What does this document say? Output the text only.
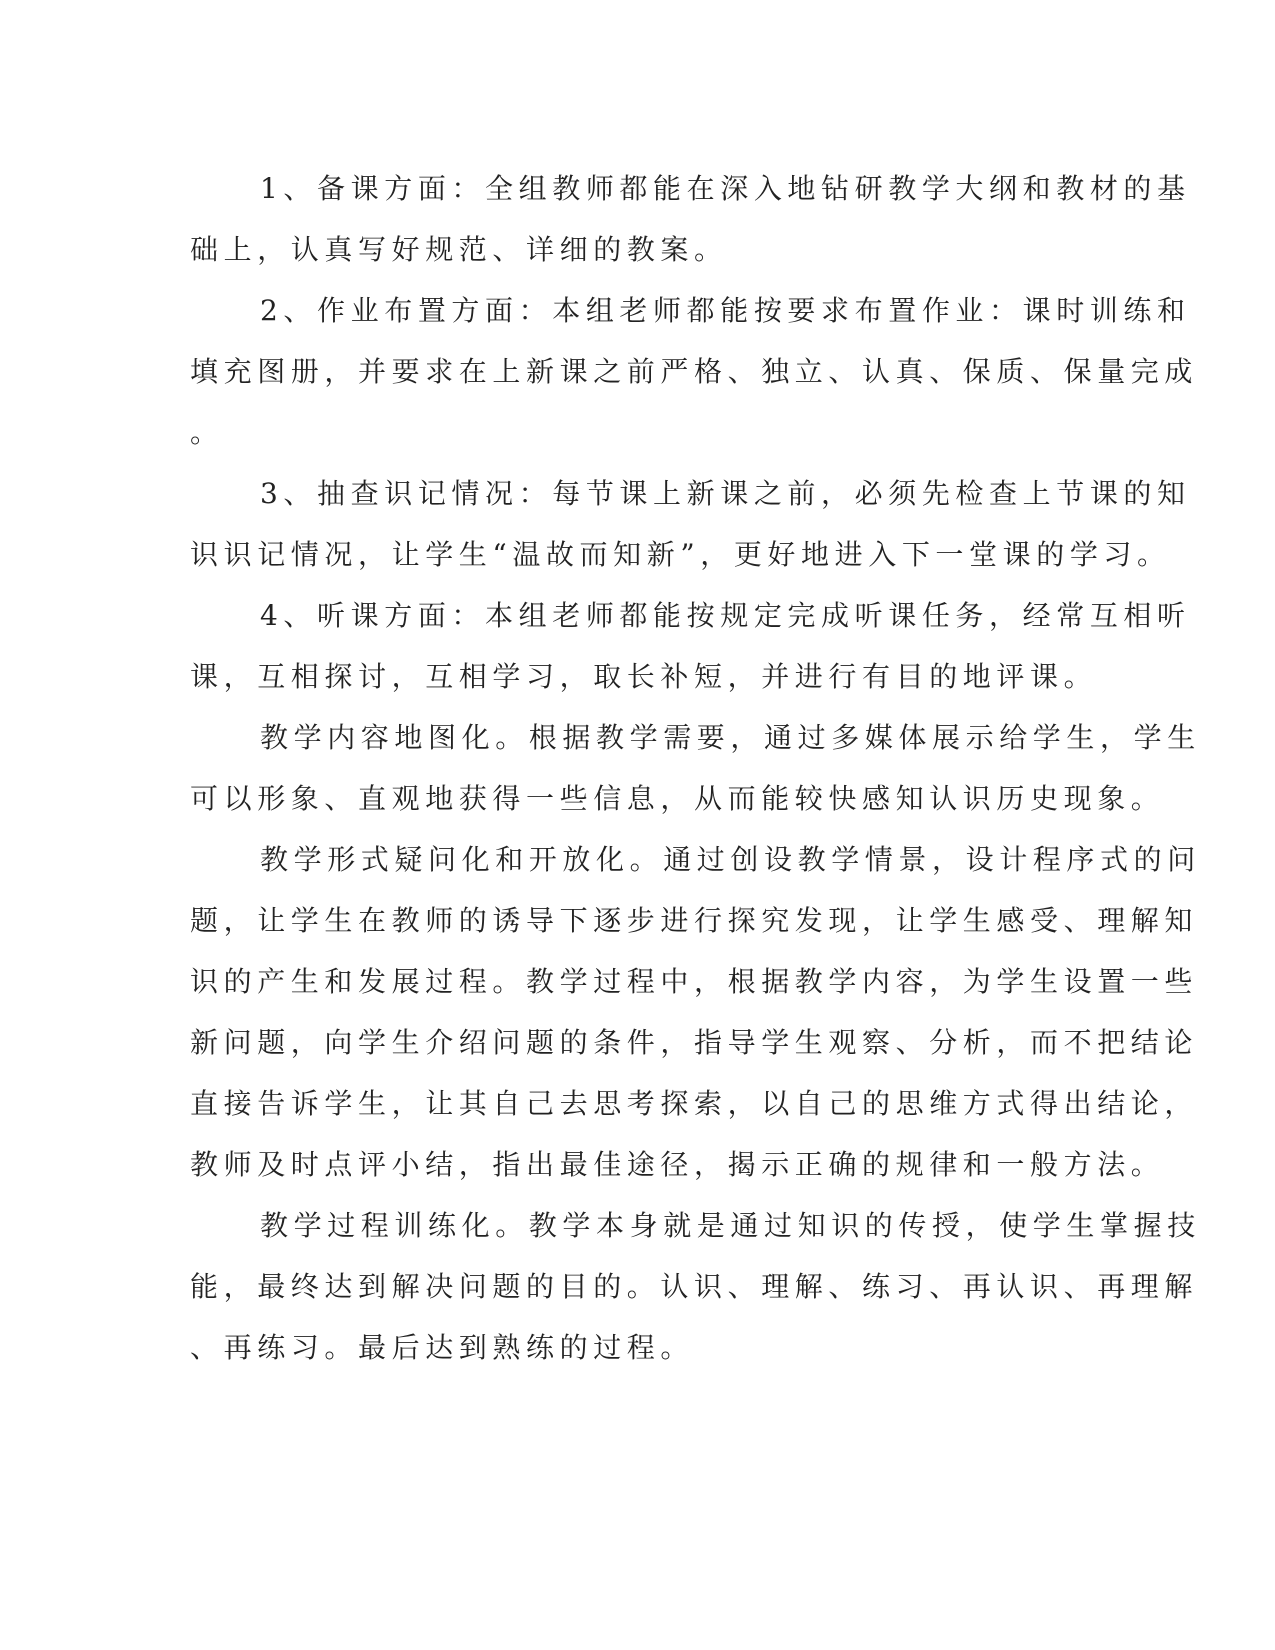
1、备课方面：全组教师都能在深入地钻研教学大纲和教材的基

础上，认真写好规范、详细的教案。

2、作业布置方面：本组老师都能按要求布置作业：课时训练和

填充图册，并要求在上新课之前严格、独立、认真、保质、保量完成

。

3、抽查识记情况：每节课上新课之前，必须先检查上节课的知

识识记情况，让学生“温故而知新”，更好地进入下一堂课的学习。

4、听课方面：本组老师都能按规定完成听课任务，经常互相听

课，互相探讨，互相学习，取长补短，并进行有目的地评课。

教学内容地图化。根据教学需要，通过多媒体展示给学生，学生

可以形象、直观地获得一些信息，从而能较快感知认识历史现象。

教学形式疑问化和开放化。通过创设教学情景，设计程序式的问

题，让学生在教师的诱导下逐步进行探究发现，让学生感受、理解知

识的产生和发展过程。教学过程中，根据教学内容，为学生设置一些

新问题，向学生介绍问题的条件，指导学生观察、分析，而不把结论

直接告诉学生，让其自己去思考探索，以自己的思维方式得出结论，

教师及时点评小结，指出最佳途径，揭示正确的规律和一般方法。

教学过程训练化。教学本身就是通过知识的传授，使学生掌握技

能，最终达到解决问题的目的。认识、理解、练习、再认识、再理解

、再练习。最后达到熟练的过程。
